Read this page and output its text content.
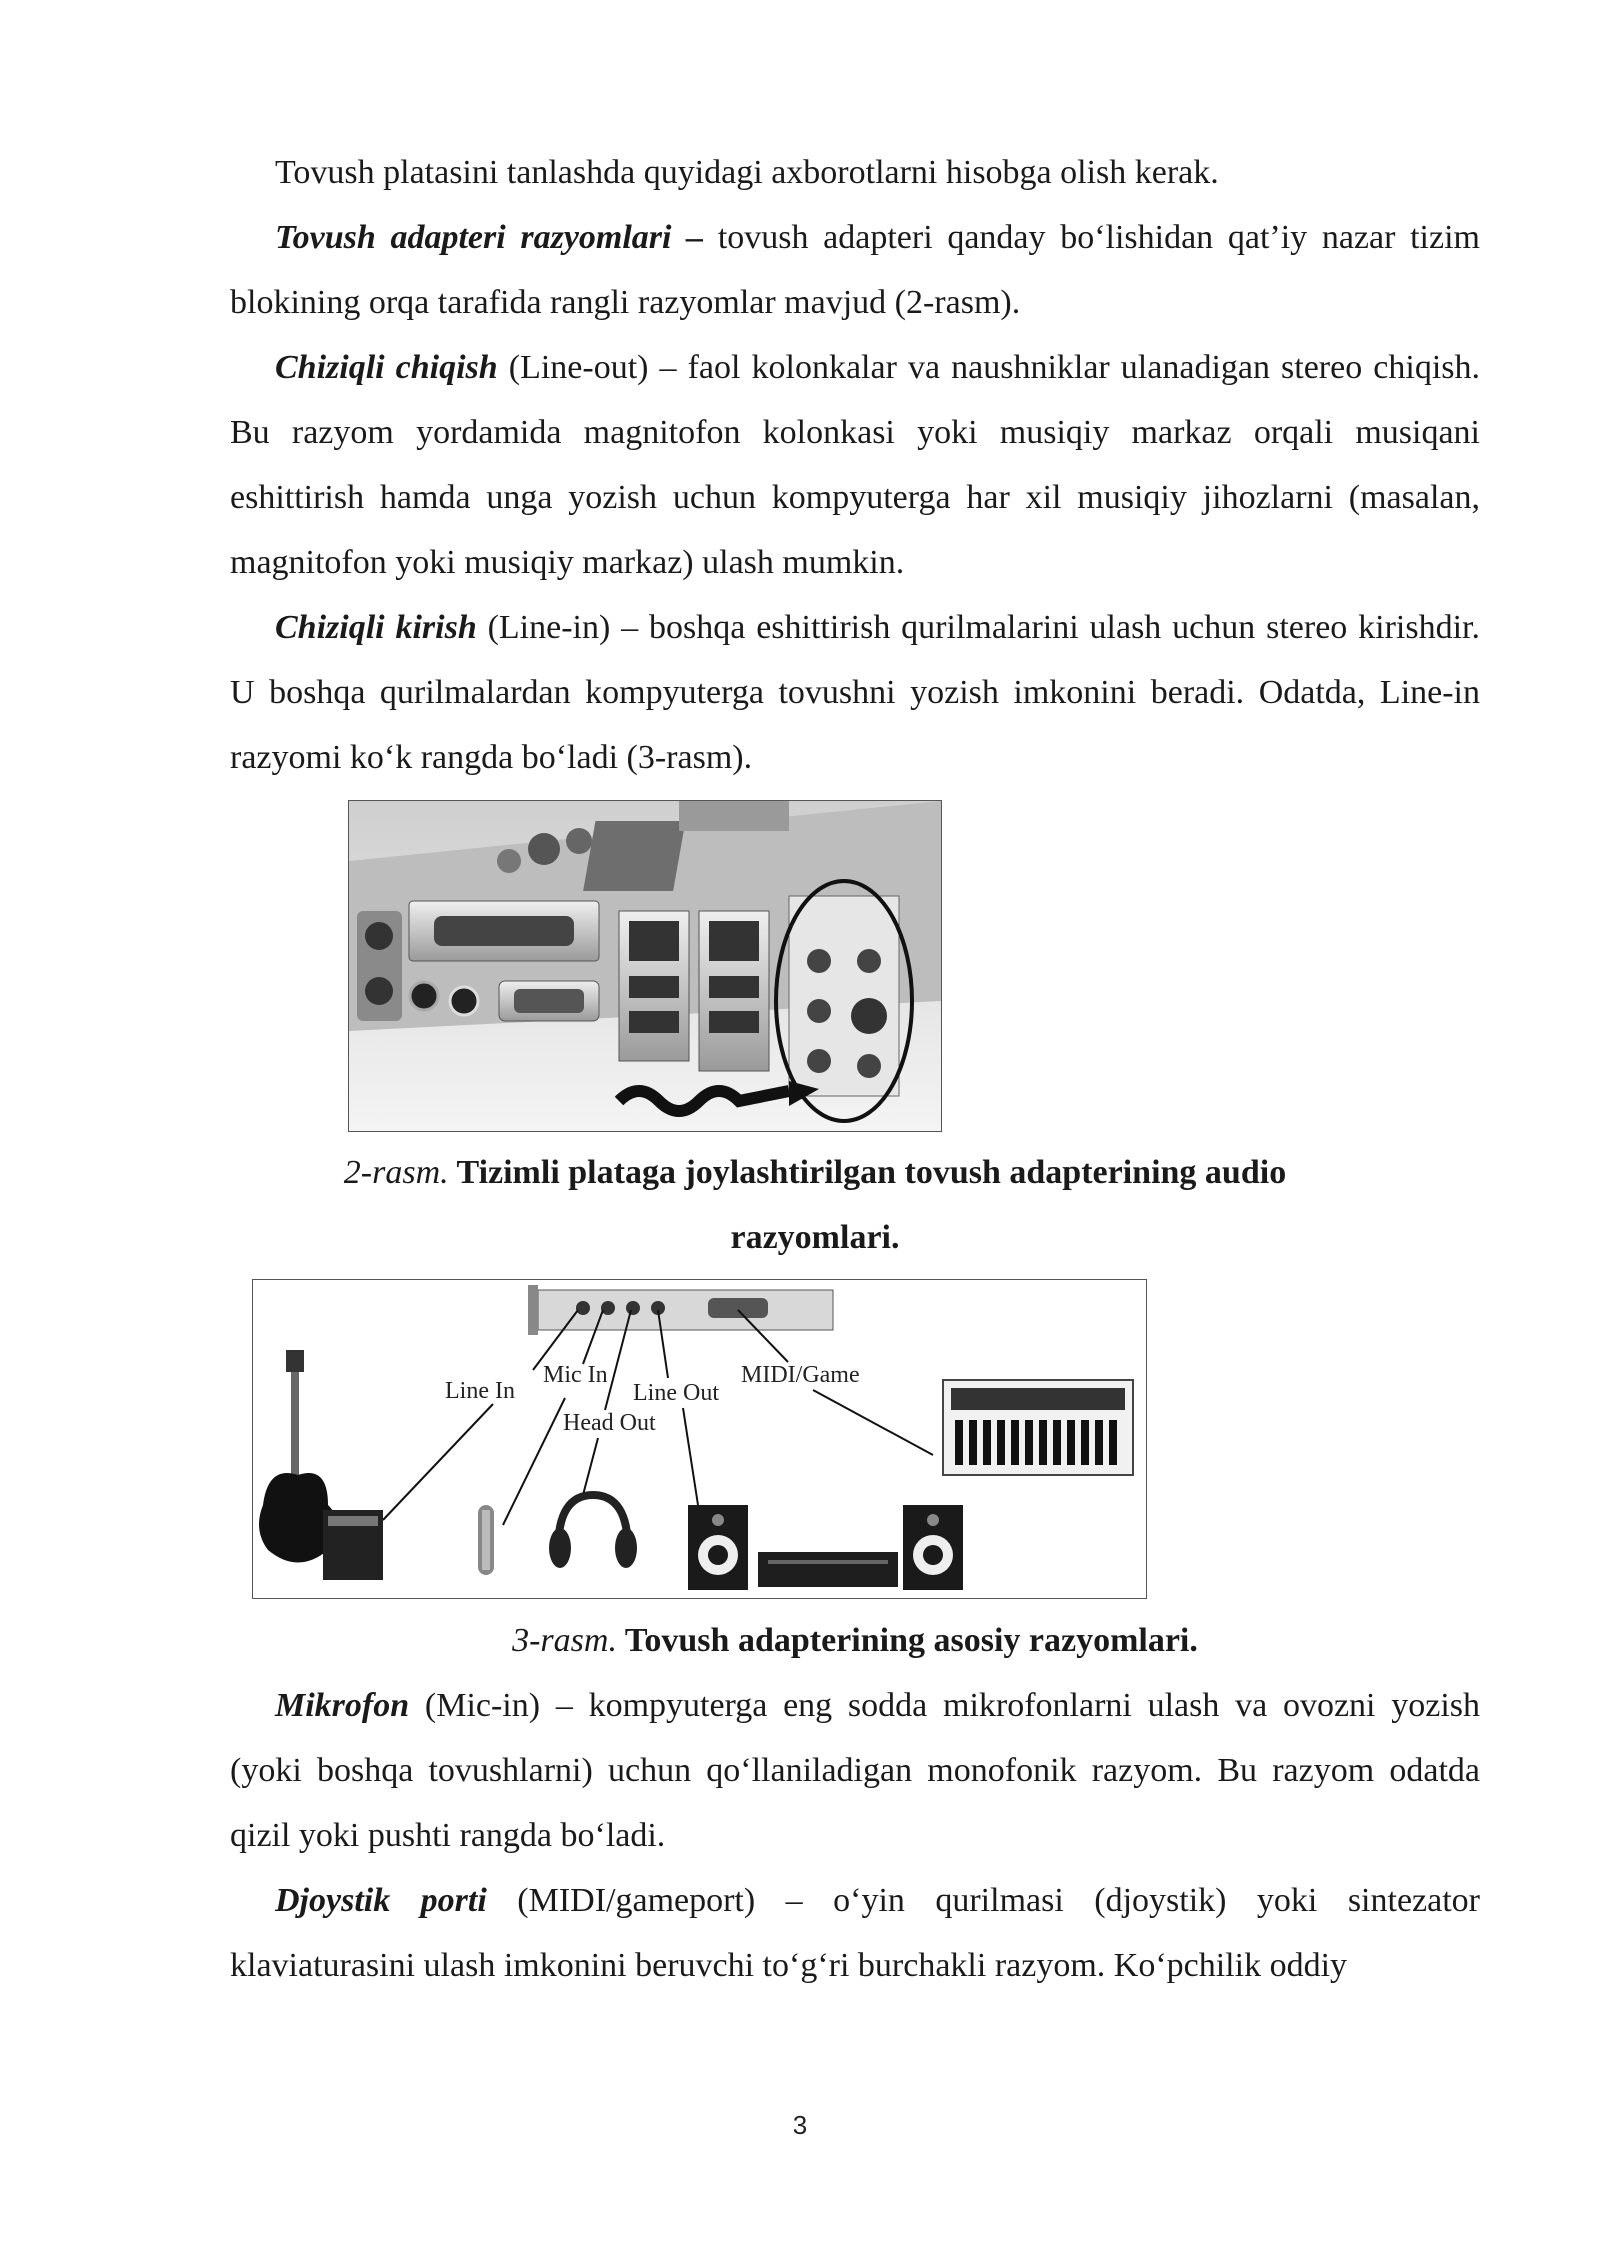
Tovush platasini tanlashda quyidagi axborotlarni hisobga olish kerak.

Tovush adapteri razyomlari – tovush adapteri qanday bo‘lishidan qat’iy nazar tizim blokining orqa tarafida rangli razyomlar mavjud (2-rasm).

Chiziqli chiqish (Line-out) – faol kolonkalar va naushniklar ulanadigan stereo chiqish. Bu razyom yordamida magnitofon kolonkasi yoki musiqiy markaz orqali musiqani eshittirish hamda unga yozish uchun kompyuterga har xil musiqiy jihozlarni (masalan, magnitofon yoki musiqiy markaz) ulash mumkin.

Chiziqli kirish (Line-in) – boshqa eshittirish qurilmalarini ulash uchun stereo kirishdir. U boshqa qurilmalardan kompyuterga tovushni yozish imkonini beradi. Odatda, Line-in razyomi ko‘k rangda bo‘ladi (3-rasm).

2-rasm. Tizimli plataga joylashtirilgan tovush adapterining audio razyomlari.

Line In
Mic In
Line Out
Head Out
MIDI/Game

3-rasm. Tovush adapterining asosiy razyomlari.

Mikrofon (Mic-in) – kompyuterga eng sodda mikrofonlarni ulash va ovozni yozish (yoki boshqa tovushlarni) uchun qo‘llaniladigan monofonik razyom. Bu razyom odatda qizil yoki pushti rangda bo‘ladi.

Djoystik porti (MIDI/gameport) – o‘yin qurilmasi (djoystik) yoki sintezator klaviaturasini ulash imkonini beruvchi to‘g‘ri burchakli razyom. Ko‘pchilik oddiy

3
